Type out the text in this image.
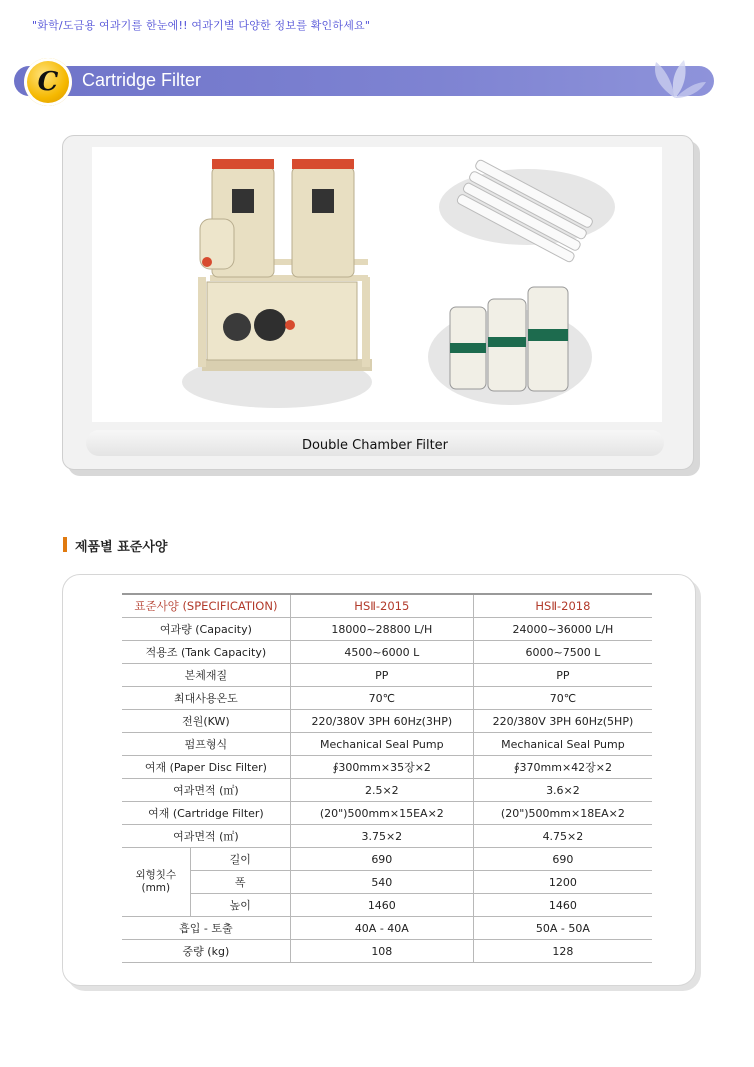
"화학/도금용 여과기를 한눈에!! 여과기별 다양한 정보를 확인하세요"
C Cartridge Filter
Double Chamber Filter
제품별 표준사양
표준사양 (SPECIFICATION)		HSⅡ-2015	HSⅡ-2018
여과량 (Capacity)		18000~28800 L/H	24000~36000 L/H
적용조 (Tank Capacity)		4500~6000 L	6000~7500 L
본체재질		PP	PP
최대사용온도		70℃	70℃
전원(KW)		220/380V 3PH 60Hz(3HP)	220/380V 3PH 60Hz(5HP)
펌프형식		Mechanical Seal Pump	Mechanical Seal Pump
여재 (Paper Disc Filter)		∮300mm×35장×2	∮370mm×42장×2
여과면적 (㎡)		2.5×2	3.6×2
여재 (Cartridge Filter)		(20")500mm×15EA×2	(20")500mm×18EA×2
여과면적 (㎡)		3.75×2	4.75×2

외형칫수
(mm)	길이	690	690
	폭	540	1200
	높이	1460	1460
흡입 - 토출		40A - 40A	50A - 50A
중량 (kg)		108	128
